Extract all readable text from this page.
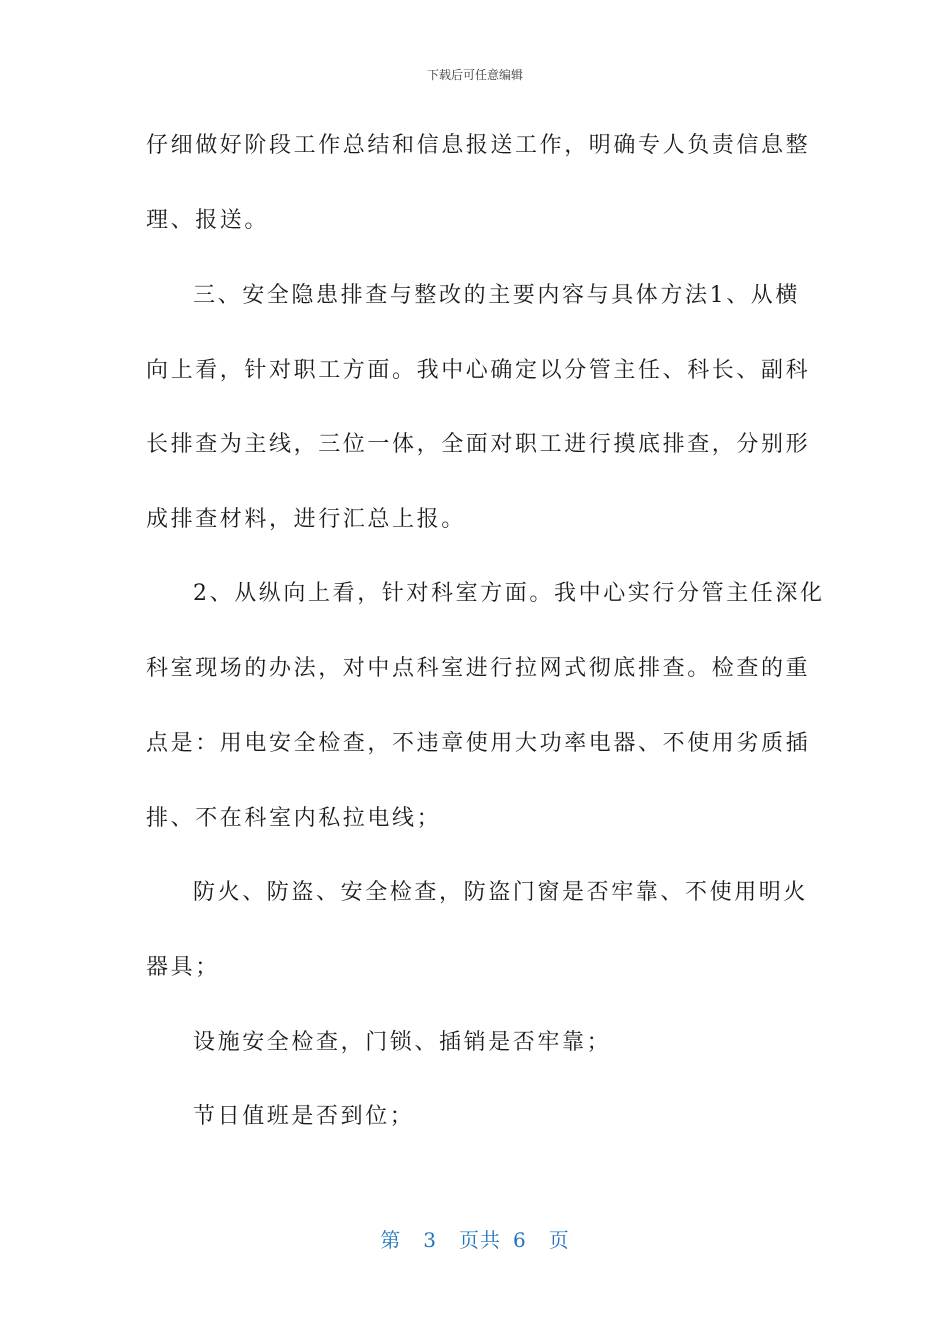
下载后可任意编辑
仔细做好阶段工作总结和信息报送工作，明确专人负责信息整
理、报送。
三、安全隐患排查与整改的主要内容与具体方法1、从横
向上看，针对职工方面。我中心确定以分管主任、科长、副科
长排查为主线，三位一体，全面对职工进行摸底排查，分别形
成排查材料，进行汇总上报。
2、从纵向上看，针对科室方面。我中心实行分管主任深化
科室现场的办法，对中点科室进行拉网式彻底排查。检查的重
点是：用电安全检查，不违章使用大功率电器、不使用劣质插
排、不在科室内私拉电线；
防火、防盗、安全检查，防盗门窗是否牢靠、不使用明火
器具；
设施安全检查，门锁、插销是否牢靠；
节日值班是否到位；
第 3 页共 6 页
